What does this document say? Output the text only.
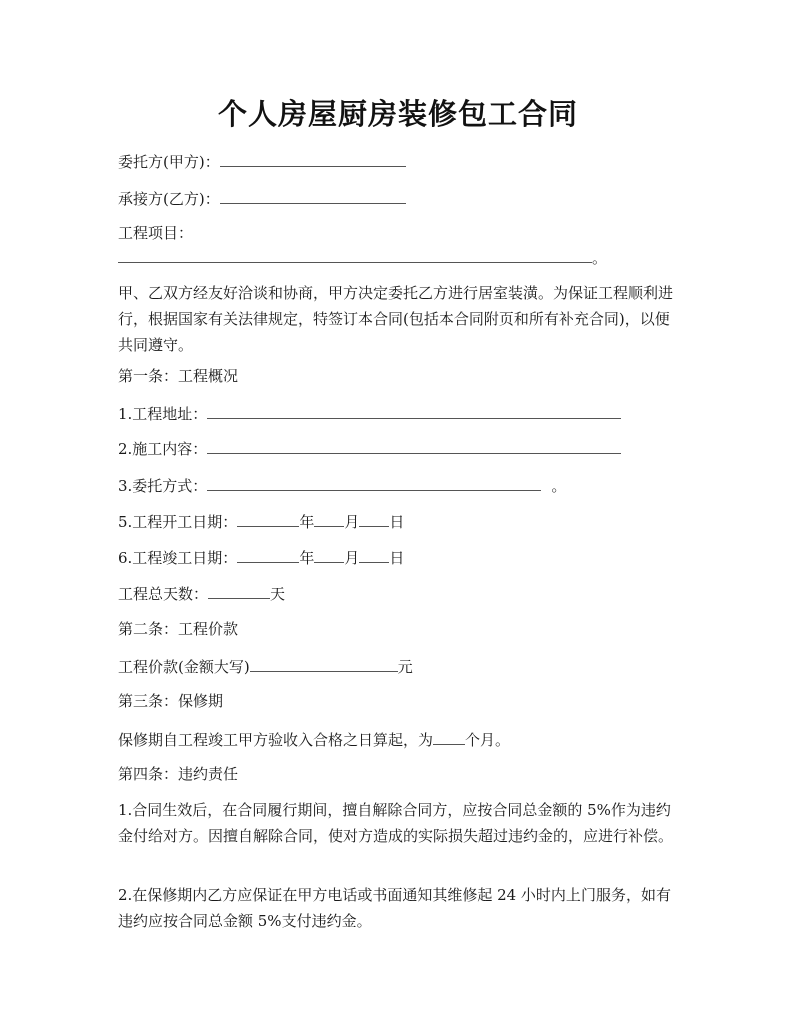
个人房屋厨房装修包工合同
委托方(甲方)：
承接方(乙方)：
工程项目：
。
甲、乙双方经友好洽谈和协商，甲方决定委托乙方进行居室装潢。为保证工程顺利进行，根据国家有关法律规定，特签订本合同(包括本合同附页和所有补充合同)，以便共同遵守。
第一条：工程概况
1.工程地址：
2.施工内容：
3.委托方式：	。
5.工程开工日期：	年 月 日
6.工程竣工日期：	年 月 日
工程总天数：	天
第二条：工程价款
工程价款(金额大写)	元
第三条：保修期
保修期自工程竣工甲方验收入合格之日算起，为 个月。
第四条：违约责任
1.合同生效后，在合同履行期间，擅自解除合同方，应按合同总金额的 5%作为违约金付给对方。因擅自解除合同，使对方造成的实际损失超过违约金的，应进行补偿。
2.在保修期内乙方应保证在甲方电话或书面通知其维修起 24 小时内上门服务，如有违约应按合同总金额 5%支付违约金。
